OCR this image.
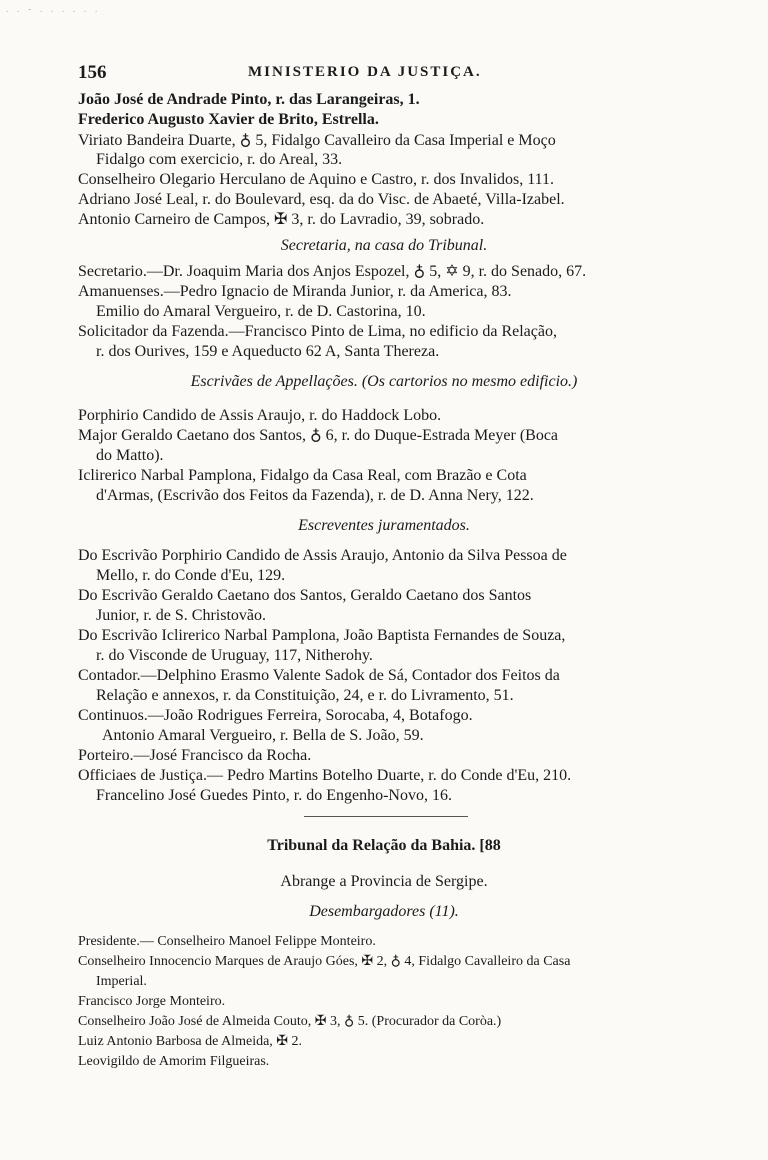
. . - . . . . . .
156	MINISTERIO DA JUSTIÇA.
João José de Andrade Pinto, r. das Larangeiras, 1.
Frederico Augusto Xavier de Brito, Estrella.
Viriato Bandeira Duarte, ♁ 5, Fidalgo Cavalleiro da Casa Imperial e Moço
Fidalgo com exercicio, r. do Areal, 33.
Conselheiro Olegario Herculano de Aquino e Castro, r. dos Invalidos, 111.
Adriano José Leal, r. do Boulevard, esq. da do Visc. de Abaeté, Villa-Izabel.
Antonio Carneiro de Campos, ✠ 3, r. do Lavradio, 39, sobrado.
Secretaria, na casa do Tribunal.
Secretario.—Dr. Joaquim Maria dos Anjos Espozel, ♁ 5, ✡ 9, r. do Senado, 67.
Amanuenses.—Pedro Ignacio de Miranda Junior, r. da America, 83.
Emilio do Amaral Vergueiro, r. de D. Castorina, 10.
Solicitador da Fazenda.—Francisco Pinto de Lima, no edificio da Relação,
r. dos Ourives, 159 e Aqueducto 62 A, Santa Thereza.
Escrivães de Appellações. (Os cartorios no mesmo edificio.)
Porphirio Candido de Assis Araujo, r. do Haddock Lobo.
Major Geraldo Caetano dos Santos, ♁ 6, r. do Duque-Estrada Meyer (Boca
do Matto).
Iclirerico Narbal Pamplona, Fidalgo da Casa Real, com Brazão e Cota
d'Armas, (Escrivão dos Feitos da Fazenda), r. de D. Anna Nery, 122.
Escreventes juramentados.
Do Escrivão Porphirio Candido de Assis Araujo, Antonio da Silva Pessoa de
Mello, r. do Conde d'Eu, 129.
Do Escrivão Geraldo Caetano dos Santos, Geraldo Caetano dos Santos
Junior, r. de S. Christovão.
Do Escrivão Iclirerico Narbal Pamplona, João Baptista Fernandes de Souza,
r. do Visconde de Uruguay, 117, Nitherohy.
Contador.—Delphino Erasmo Valente Sadok de Sá, Contador dos Feitos da
Relação e annexos, r. da Constituição, 24, e r. do Livramento, 51.
Continuos.—João Rodrigues Ferreira, Sorocaba, 4, Botafogo.
Antonio Amaral Vergueiro, r. Bella de S. João, 59.
Porteiro.—José Francisco da Rocha.
Officiaes de Justiça.— Pedro Martins Botelho Duarte, r. do Conde d'Eu, 210.
Francelino José Guedes Pinto, r. do Engenho-Novo, 16.
Tribunal da Relação da Bahia. [88
Abrange a Provincia de Sergipe.
Desembargadores (11).
Presidente.— Conselheiro Manoel Felippe Monteiro.
Conselheiro Innocencio Marques de Araujo Góes, ✠ 2, ♁ 4, Fidalgo Cavalleiro da Casa
Imperial.
Francisco Jorge Monteiro.
Conselheiro João José de Almeida Couto, ✠ 3, ♁ 5. (Procurador da Coròa.)
Luiz Antonio Barbosa de Almeida, ✠ 2.
Leovigildo de Amorim Filgueiras.
